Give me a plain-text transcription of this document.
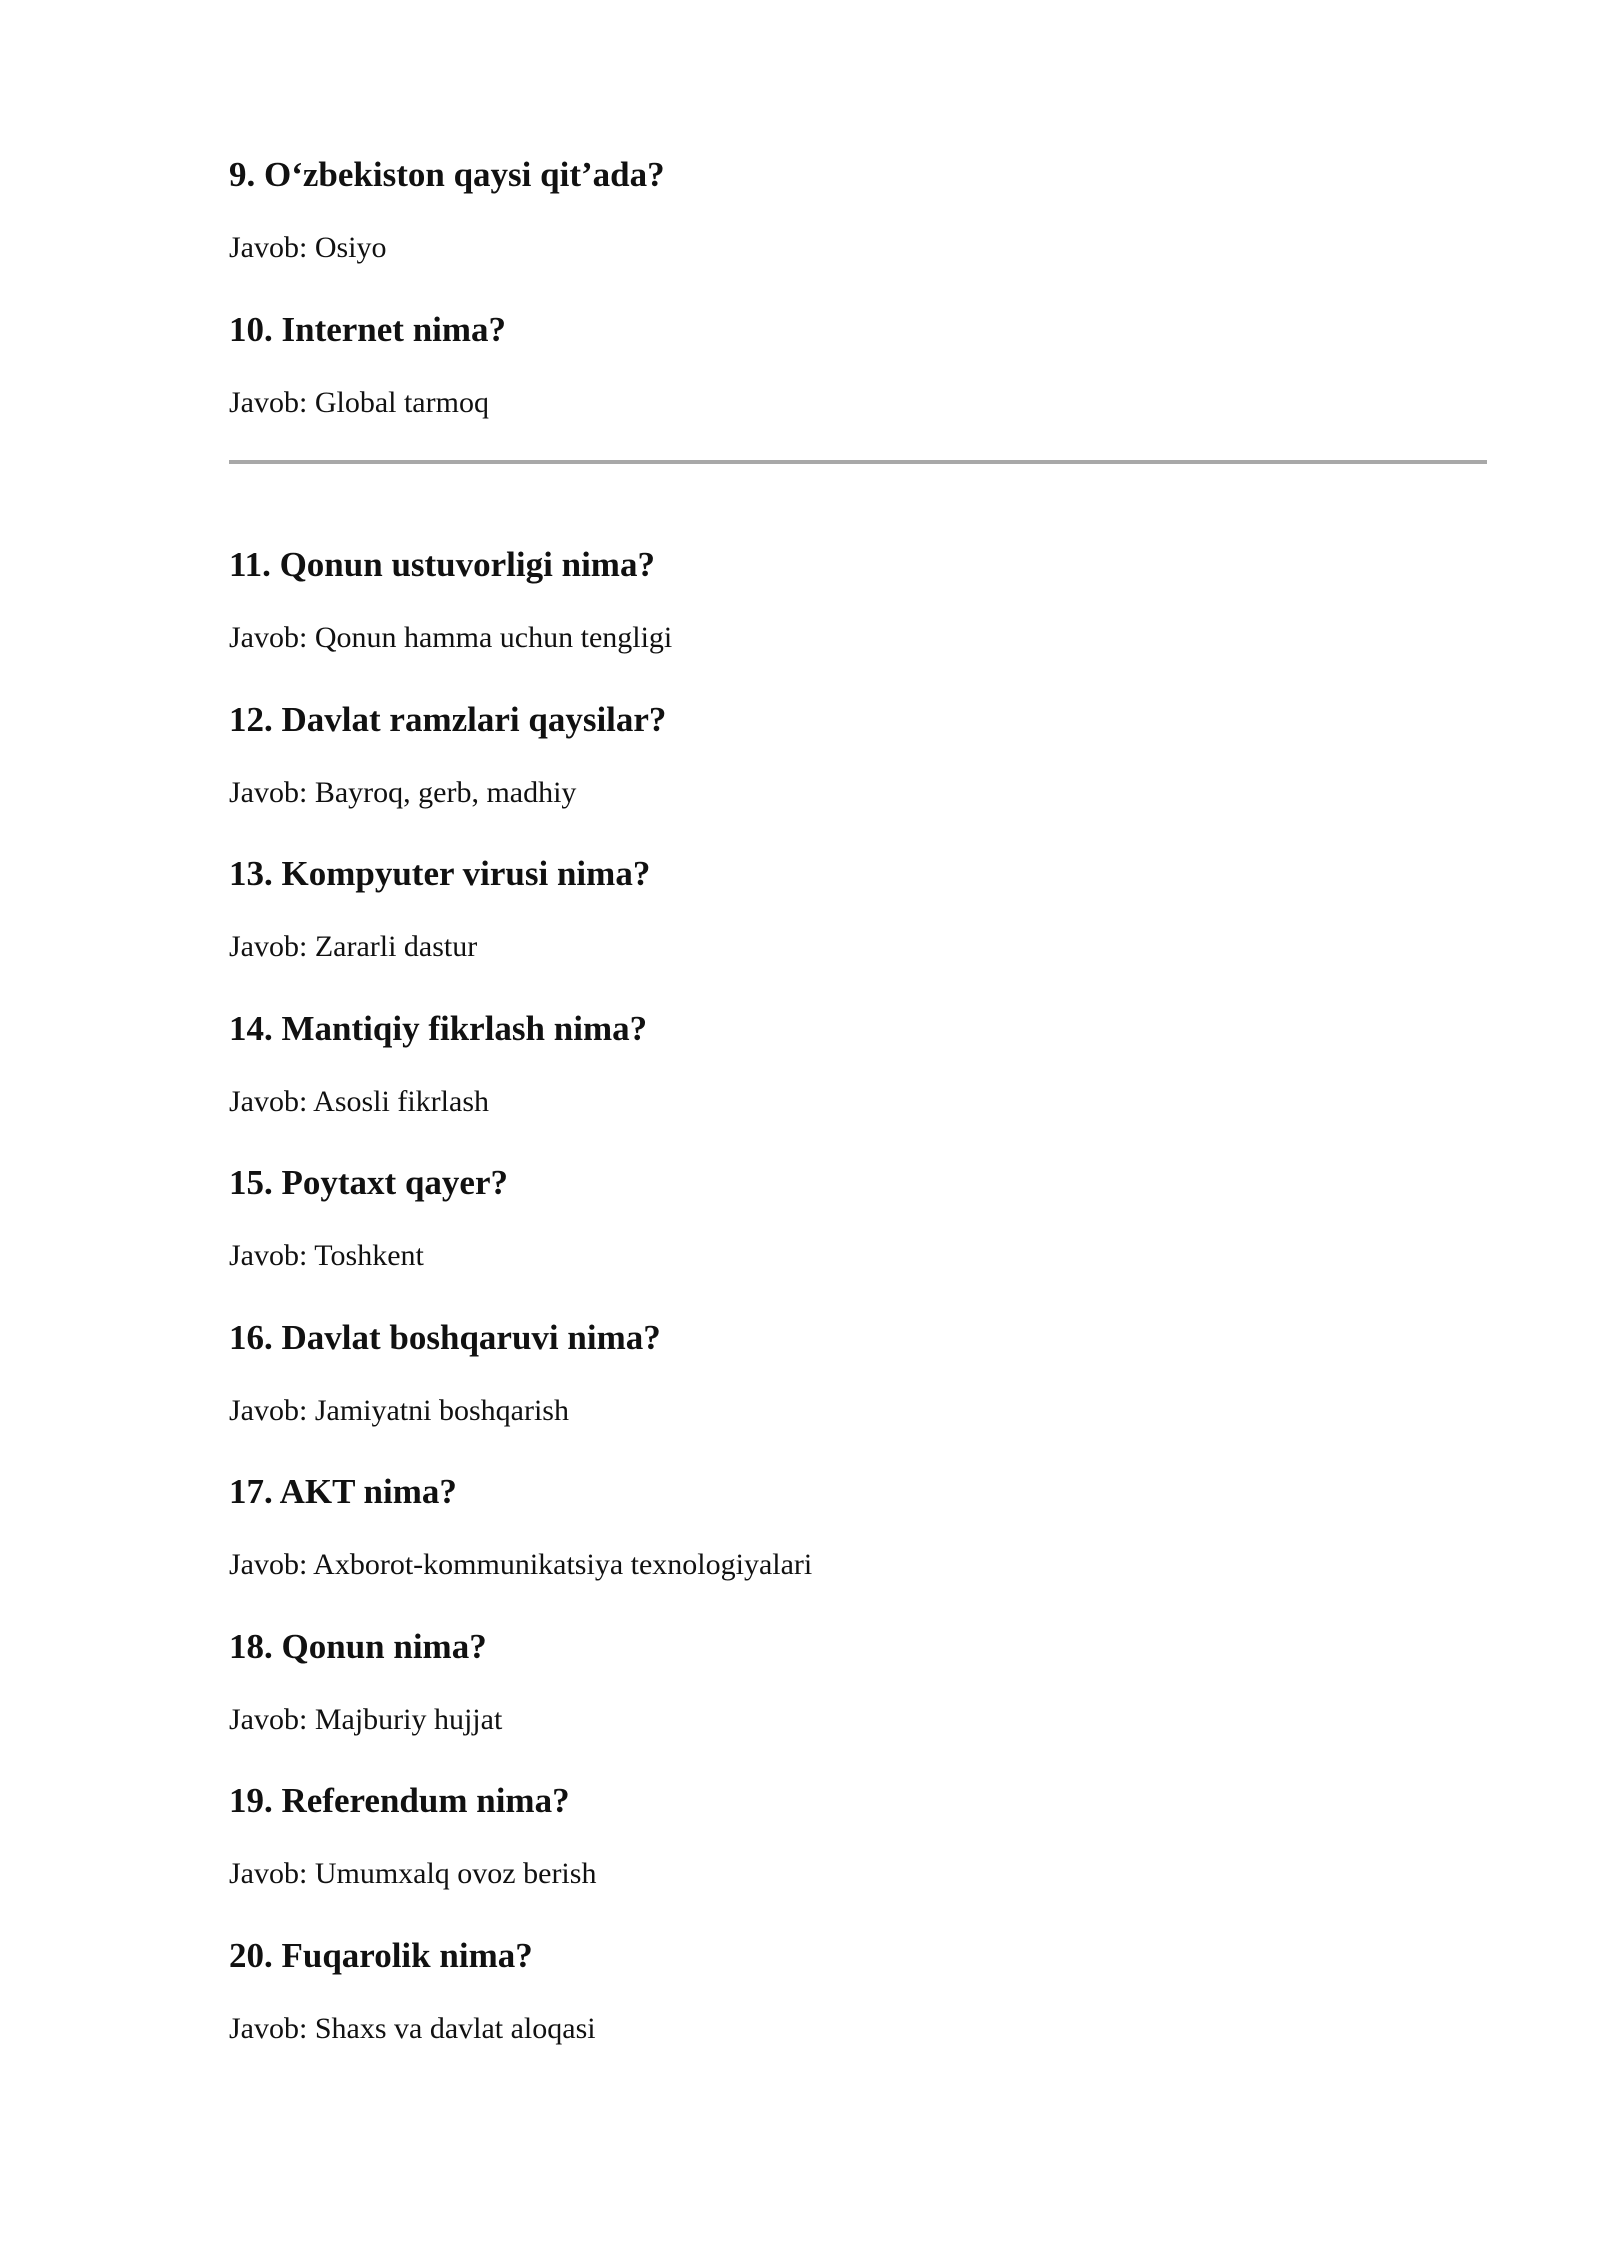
9. O‘zbekiston qaysi qit’ada?

Javob: Osiyo

10. Internet nima?

Javob: Global tarmoq

11. Qonun ustuvorligi nima?

Javob: Qonun hamma uchun tengligi

12. Davlat ramzlari qaysilar?

Javob: Bayroq, gerb, madhiy

13. Kompyuter virusi nima?

Javob: Zararli dastur

14. Mantiqiy fikrlash nima?

Javob: Asosli fikrlash

15. Poytaxt qayer?

Javob: Toshkent

16. Davlat boshqaruvi nima?

Javob: Jamiyatni boshqarish

17. AKT nima?

Javob: Axborot-kommunikatsiya texnologiyalari

18. Qonun nima?

Javob: Majburiy hujjat

19. Referendum nima?

Javob: Umumxalq ovoz berish

20. Fuqarolik nima?

Javob: Shaxs va davlat aloqasi
